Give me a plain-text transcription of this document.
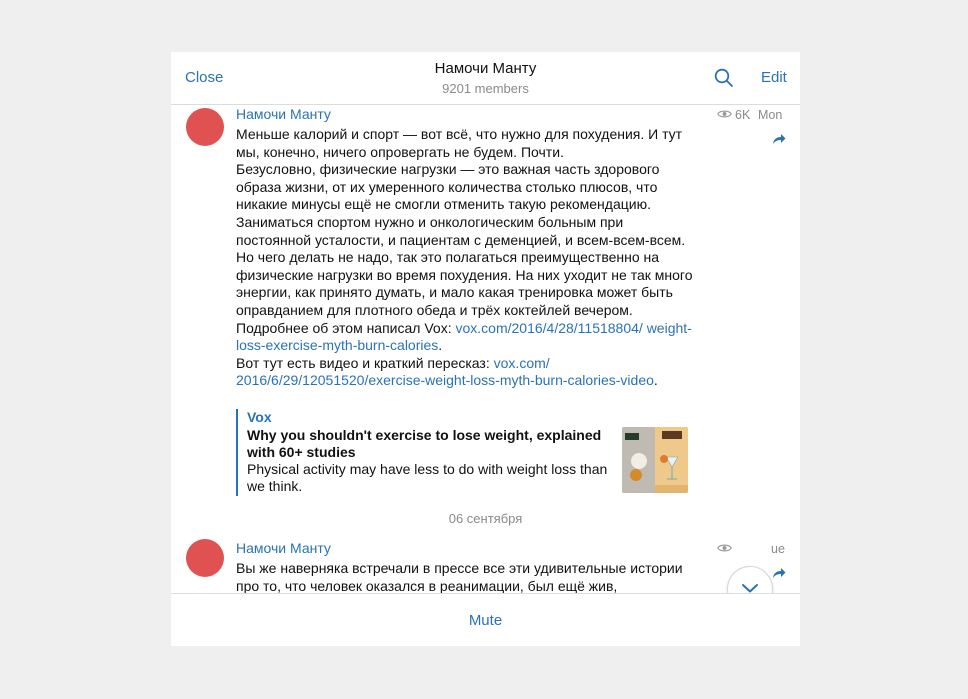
Close
Намочи Манту
9201 members
Edit
Намочи Манту	6K Mon

Меньше калорий и спорт — вот всё, что нужно для похудения. И тут мы, конечно, ничего опровергать не будем. Почти.

Безусловно, физические нагрузки — это важная часть здорового образа жизни, от их умеренного количества столько плюсов, что никакие минусы ещё не смогли отменить такую рекомендацию. Заниматься спортом нужно и онкологическим больным при постоянной усталости, и пациентам с деменцией, и всем-всем-всем. Но чего делать не надо, так это полагаться преимущественно на физические нагрузки во время похудения. На них уходит не так много энергии, как принято думать, и мало какая тренировка может быть оправданием для плотного обеда и трёх коктейлей вечером.

Подробнее об этом написал Vox: vox.com/2016/4/28/11518804/ weight-loss-exercise-myth-burn-calories.

Вот тут есть видео и краткий пересказ: vox.com/ 2016/6/29/12051520/exercise-weight-loss-myth-burn-calories-video.

Vox
Why you shouldn't exercise to lose weight, explained with 60+ studies
Physical activity may have less to do with weight loss than we think.
06 сентября
Намочи Манту	ue
Вы же наверняка встречали в прессе все эти удивительные истории про то, что человек оказался в реанимации, был ещё жив,
Mute
